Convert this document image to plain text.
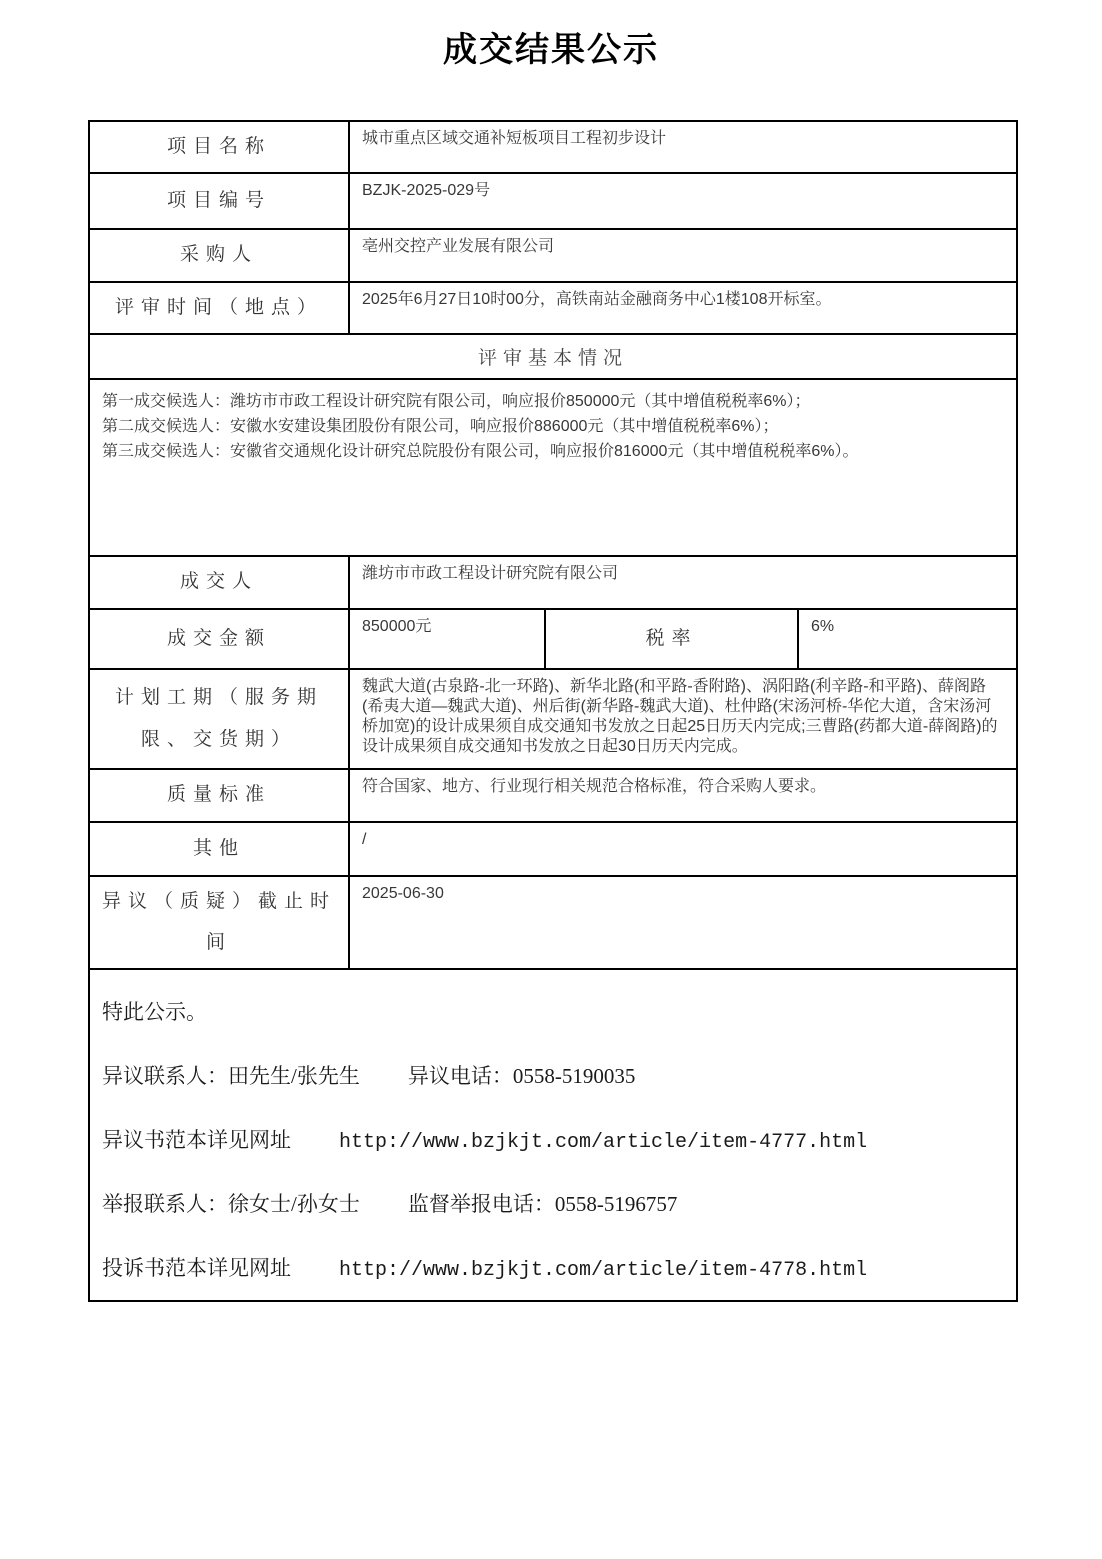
成交结果公示
项目名称	城市重点区域交通补短板项目工程初步设计		
项目编号	BZJK-2025-029号		
采购人	亳州交控产业发展有限公司		
评审时间（地点）	2025年6月27日10时00分，高铁南站金融商务中心1楼108开标室。		
评审基本情况			

第一成交候选人：潍坊市市政工程设计研究院有限公司，响应报价850000元（其中增值税税率6%）；
第二成交候选人：安徽水安建设集团股份有限公司，响应报价886000元（其中增值税税率6%）；
第三成交候选人：安徽省交通规化设计研究总院股份有限公司，响应报价816000元（其中增值税税率6%）。			

成交人	潍坊市市政工程设计研究院有限公司		
成交金额	850000元	税率	6%
计划工期（服务期限、交货期）	魏武大道(古泉路-北一环路)、新华北路(和平路-香附路)、涡阳路(利辛路-和平路)、薛阁路(希夷大道—魏武大道)、州后街(新华路-魏武大道)、杜仲路(宋汤河桥-华佗大道，含宋汤河桥加宽)的设计成果须自成交通知书发放之日起25日历天内完成;三曹路(药都大道-薛阁路)的设计成果须自成交通知书发放之日起30日历天内完成。		
质量标准	符合国家、地方、行业现行相关规范合格标准，符合采购人要求。		
其他	/		
异议（质疑）截止时间	2025-06-30		

特此公示。
异议联系人：田先生/张先生 异议电话：0558-5190035
异议书范本详见网址 http://www.bzjkjt.com/article/item-4777.html
举报联系人：徐女士/孙女士 监督举报电话：0558-5196757
投诉书范本详见网址 http://www.bzjkjt.com/article/item-4778.html			
